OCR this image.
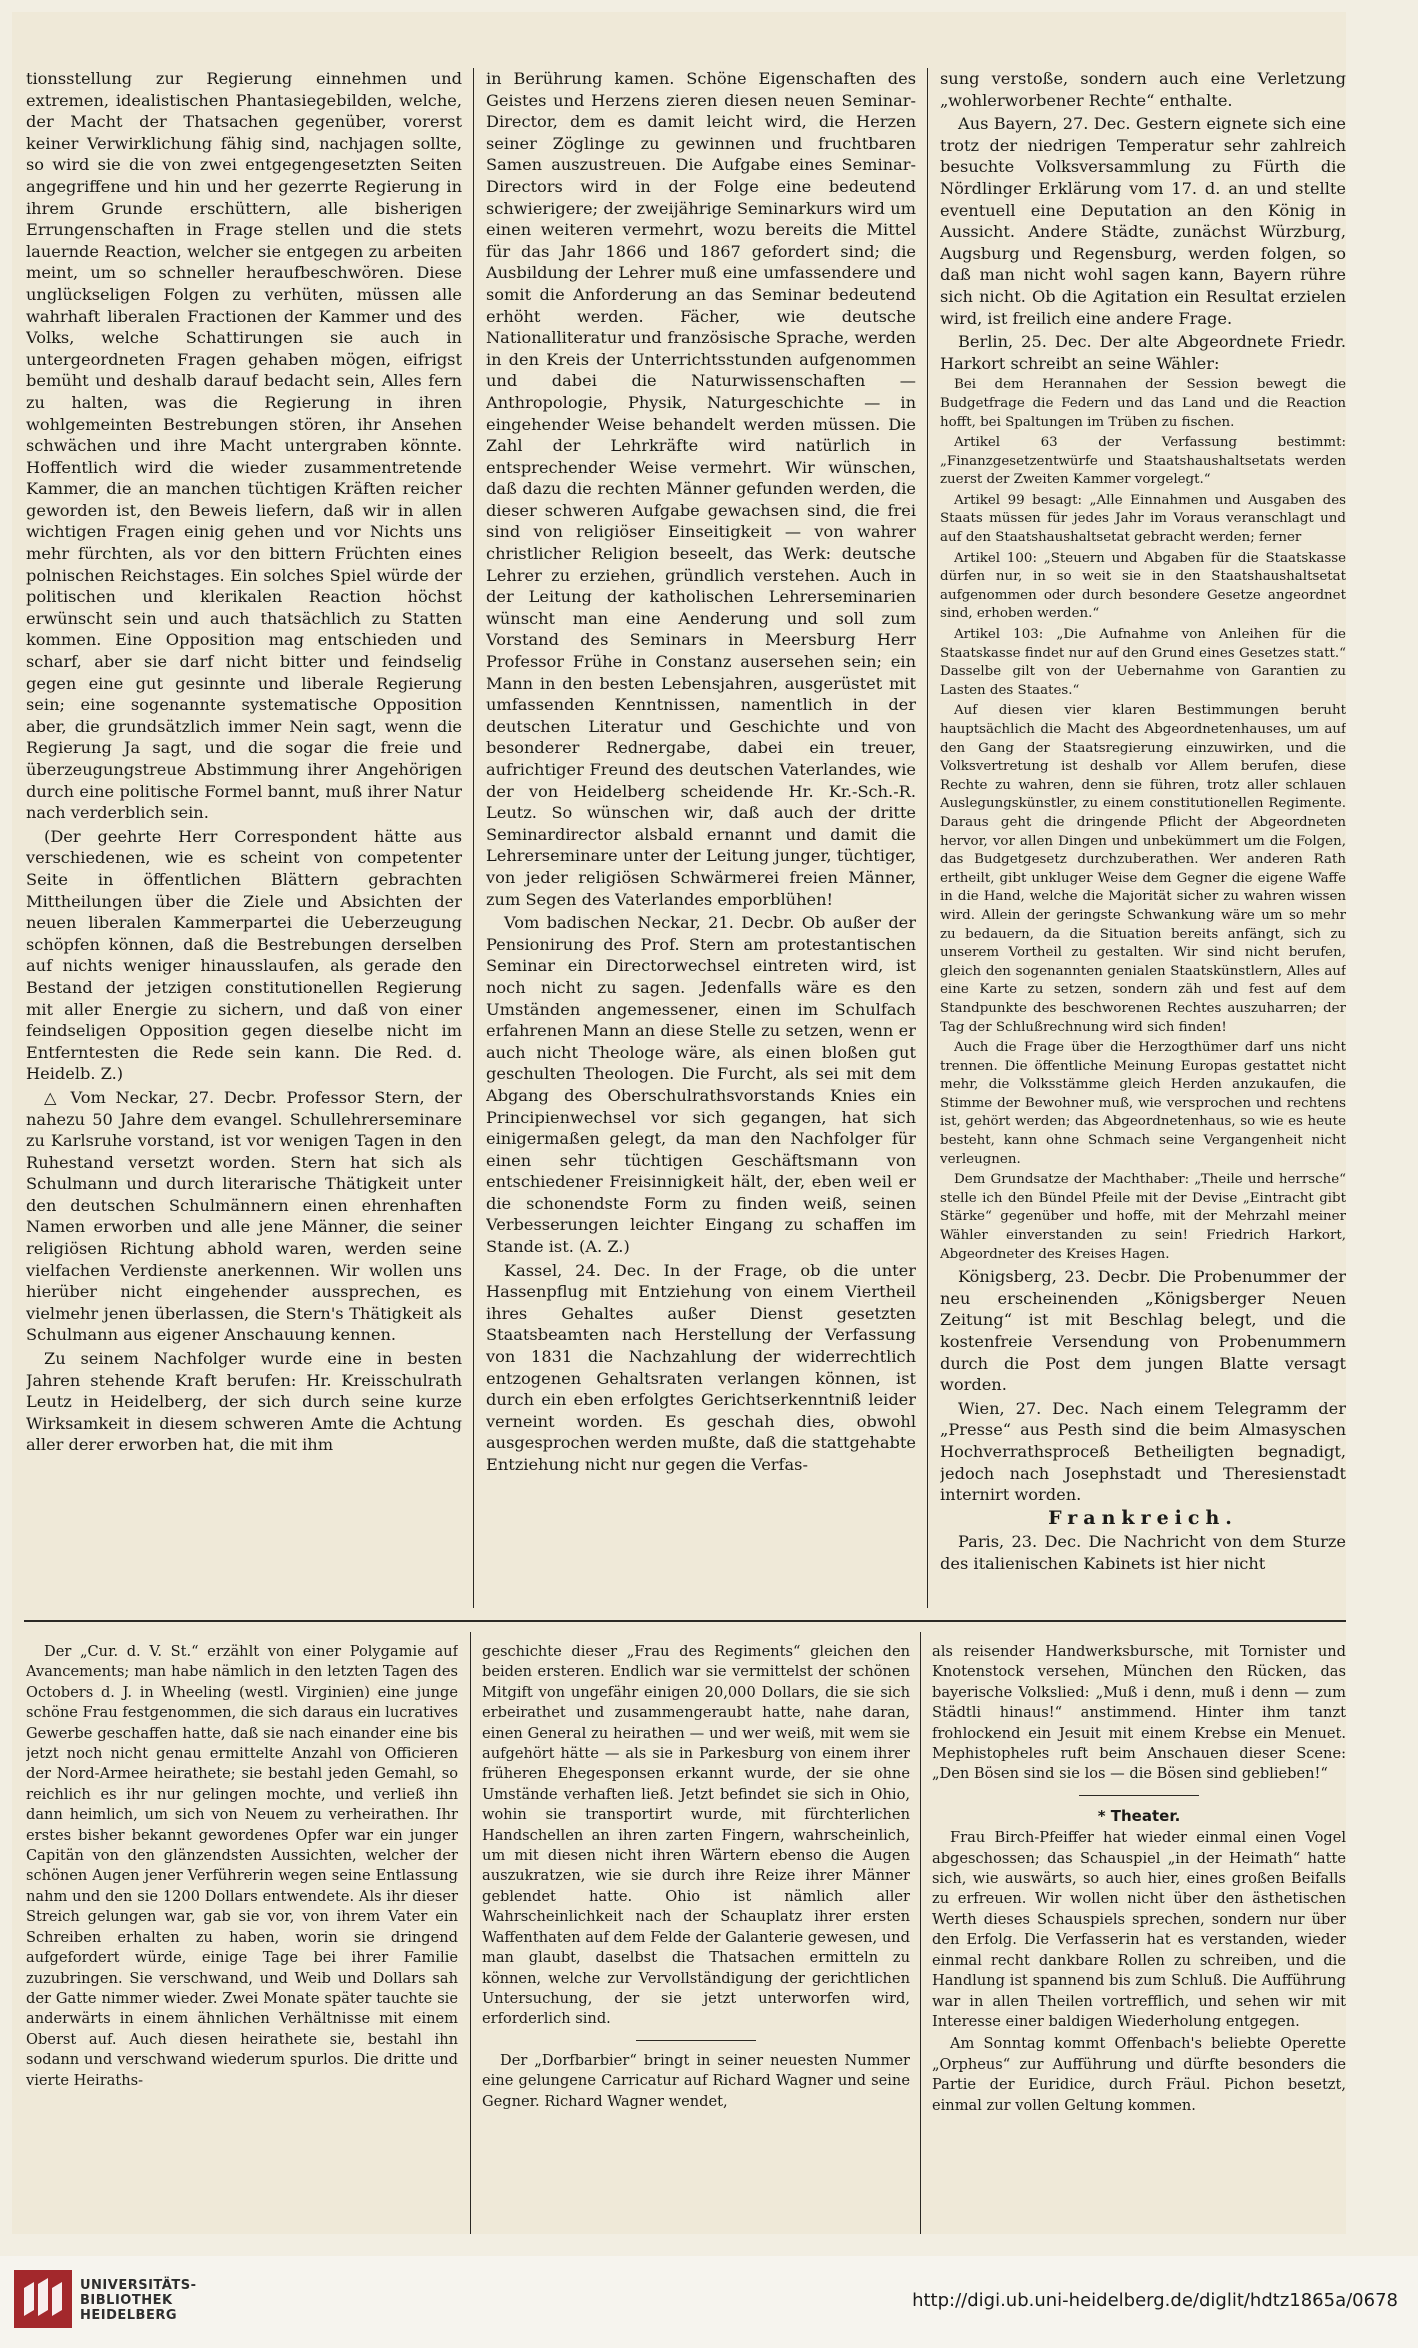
tionsstellung zur Regierung einnehmen und extremen, idealistischen Phantasiegebilden, welche, der Macht der Thatsachen gegenüber, vorerst keiner Verwirklichung fähig sind, nachjagen sollte, so wird sie die von zwei entgegengesetzten Seiten angegriffene und hin und her gezerrte Regierung in ihrem Grunde erschüttern, alle bisherigen Errungenschaften in Frage stellen und die stets lauernde Reaction, welcher sie entgegen zu arbeiten meint, um so schneller heraufbeschwören. Diese unglückseligen Folgen zu verhüten, müssen alle wahrhaft liberalen Fractionen der Kammer und des Volks, welche Schattirungen sie auch in untergeordneten Fragen gehaben mögen, eifrigst bemüht und deshalb darauf bedacht sein, Alles fern zu halten, was die Regierung in ihren wohlgemeinten Bestrebungen stören, ihr Ansehen schwächen und ihre Macht untergraben könnte. Hoffentlich wird die wieder zusammentretende Kammer, die an manchen tüchtigen Kräften reicher geworden ist, den Beweis liefern, daß wir in allen wichtigen Fragen einig gehen und vor Nichts uns mehr fürchten, als vor den bittern Früchten eines polnischen Reichstages. Ein solches Spiel würde der politischen und klerikalen Reaction höchst erwünscht sein und auch thatsächlich zu Statten kommen. Eine Opposition mag entschieden und scharf, aber sie darf nicht bitter und feindselig gegen eine gut gesinnte und liberale Regierung sein; eine sogenannte systematische Opposition aber, die grundsätzlich immer Nein sagt, wenn die Regierung Ja sagt, und die sogar die freie und überzeugungstreue Abstimmung ihrer Angehörigen durch eine politische Formel bannt, muß ihrer Natur nach verderblich sein.

(Der geehrte Herr Correspondent hätte aus verschiedenen, wie es scheint von competenter Seite in öffentlichen Blättern gebrachten Mittheilungen über die Ziele und Absichten der neuen liberalen Kammerpartei die Ueberzeugung schöpfen können, daß die Bestrebungen derselben auf nichts weniger hinausslaufen, als gerade den Bestand der jetzigen constitutionellen Regierung mit aller Energie zu sichern, und daß von einer feindseligen Opposition gegen dieselbe nicht im Entferntesten die Rede sein kann. Die Red. d. Heidelb. Z.)

△ Vom Neckar, 27. Decbr. Professor Stern, der nahezu 50 Jahre dem evangel. Schullehrerseminare zu Karlsruhe vorstand, ist vor wenigen Tagen in den Ruhestand versetzt worden. Stern hat sich als Schulmann und durch literarische Thätigkeit unter den deutschen Schulmännern einen ehrenhaften Namen erworben und alle jene Männer, die seiner religiösen Richtung abhold waren, werden seine vielfachen Verdienste anerkennen. Wir wollen uns hierüber nicht eingehender aussprechen, es vielmehr jenen überlassen, die Stern's Thätigkeit als Schulmann aus eigener Anschauung kennen.

Zu seinem Nachfolger wurde eine in besten Jahren stehende Kraft berufen: Hr. Kreisschulrath Leutz in Heidelberg, der sich durch seine kurze Wirksamkeit in diesem schweren Amte die Achtung aller derer erworben hat, die mit ihm

in Berührung kamen. Schöne Eigenschaften des Geistes und Herzens zieren diesen neuen Seminar-Director, dem es damit leicht wird, die Herzen seiner Zöglinge zu gewinnen und fruchtbaren Samen auszustreuen. Die Aufgabe eines Seminar-Directors wird in der Folge eine bedeutend schwierigere; der zweijährige Seminarkurs wird um einen weiteren vermehrt, wozu bereits die Mittel für das Jahr 1866 und 1867 gefordert sind; die Ausbildung der Lehrer muß eine umfassendere und somit die Anforderung an das Seminar bedeutend erhöht werden. Fächer, wie deutsche Nationalliteratur und französische Sprache, werden in den Kreis der Unterrichtsstunden aufgenommen und dabei die Naturwissenschaften — Anthropologie, Physik, Naturgeschichte — in eingehender Weise behandelt werden müssen. Die Zahl der Lehrkräfte wird natürlich in entsprechender Weise vermehrt. Wir wünschen, daß dazu die rechten Männer gefunden werden, die dieser schweren Aufgabe gewachsen sind, die frei sind von religiöser Einseitigkeit — von wahrer christlicher Religion beseelt, das Werk: deutsche Lehrer zu erziehen, gründlich verstehen. Auch in der Leitung der katholischen Lehrerseminarien wünscht man eine Aenderung und soll zum Vorstand des Seminars in Meersburg Herr Professor Frühe in Constanz ausersehen sein; ein Mann in den besten Lebensjahren, ausgerüstet mit umfassenden Kenntnissen, namentlich in der deutschen Literatur und Geschichte und von besonderer Rednergabe, dabei ein treuer, aufrichtiger Freund des deutschen Vaterlandes, wie der von Heidelberg scheidende Hr. Kr.-Sch.-R. Leutz. So wünschen wir, daß auch der dritte Seminardirector alsbald ernannt und damit die Lehrerseminare unter der Leitung junger, tüchtiger, von jeder religiösen Schwärmerei freien Männer, zum Segen des Vaterlandes emporblühen!

Vom badischen Neckar, 21. Decbr. Ob außer der Pensionirung des Prof. Stern am protestantischen Seminar ein Directorwechsel eintreten wird, ist noch nicht zu sagen. Jedenfalls wäre es den Umständen angemessener, einen im Schulfach erfahrenen Mann an diese Stelle zu setzen, wenn er auch nicht Theologe wäre, als einen bloßen gut geschulten Theologen. Die Furcht, als sei mit dem Abgang des Oberschulrathsvorstands Knies ein Principienwechsel vor sich gegangen, hat sich einigermaßen gelegt, da man den Nachfolger für einen sehr tüchtigen Geschäftsmann von entschiedener Freisinnigkeit hält, der, eben weil er die schonendste Form zu finden weiß, seinen Verbesserungen leichter Eingang zu schaffen im Stande ist. (A. Z.)

Kassel, 24. Dec. In der Frage, ob die unter Hassenpflug mit Entziehung von einem Viertheil ihres Gehaltes außer Dienst gesetzten Staatsbeamten nach Herstellung der Verfassung von 1831 die Nachzahlung der widerrechtlich entzogenen Gehaltsraten verlangen können, ist durch ein eben erfolgtes Gerichtserkenntniß leider verneint worden. Es geschah dies, obwohl ausgesprochen werden mußte, daß die stattgehabte Entziehung nicht nur gegen die Verfas-

sung verstoße, sondern auch eine Verletzung „wohlerworbener Rechte“ enthalte.

Aus Bayern, 27. Dec. Gestern eignete sich eine trotz der niedrigen Temperatur sehr zahlreich besuchte Volksversammlung zu Fürth die Nördlinger Erklärung vom 17. d. an und stellte eventuell eine Deputation an den König in Aussicht. Andere Städte, zunächst Würzburg, Augsburg und Regensburg, werden folgen, so daß man nicht wohl sagen kann, Bayern rühre sich nicht. Ob die Agitation ein Resultat erzielen wird, ist freilich eine andere Frage.

Berlin, 25. Dec. Der alte Abgeordnete Friedr. Harkort schreibt an seine Wähler:

Bei dem Herannahen der Session bewegt die Budgetfrage die Federn und das Land und die Reaction hofft, bei Spaltungen im Trüben zu fischen.

Artikel 63 der Verfassung bestimmt: „Finanzgesetzentwürfe und Staatshaushaltsetats werden zuerst der Zweiten Kammer vorgelegt.“

Artikel 99 besagt: „Alle Einnahmen und Ausgaben des Staats müssen für jedes Jahr im Voraus veranschlagt und auf den Staatshaushaltsetat gebracht werden; ferner

Artikel 100: „Steuern und Abgaben für die Staatskasse dürfen nur, in so weit sie in den Staatshaushaltsetat aufgenommen oder durch besondere Gesetze angeordnet sind, erhoben werden.“

Artikel 103: „Die Aufnahme von Anleihen für die Staatskasse findet nur auf den Grund eines Gesetzes statt.“ Dasselbe gilt von der Uebernahme von Garantien zu Lasten des Staates.“

Auf diesen vier klaren Bestimmungen beruht hauptsächlich die Macht des Abgeordnetenhauses, um auf den Gang der Staatsregierung einzuwirken, und die Volksvertretung ist deshalb vor Allem berufen, diese Rechte zu wahren, denn sie führen, trotz aller schlauen Auslegungskünstler, zu einem constitutionellen Regimente. Daraus geht die dringende Pflicht der Abgeordneten hervor, vor allen Dingen und unbekümmert um die Folgen, das Budgetgesetz durchzuberathen. Wer anderen Rath ertheilt, gibt unkluger Weise dem Gegner die eigene Waffe in die Hand, welche die Majorität sicher zu wahren wissen wird. Allein der geringste Schwankung wäre um so mehr zu bedauern, da die Situation bereits anfängt, sich zu unserem Vortheil zu gestalten. Wir sind nicht berufen, gleich den sogenannten genialen Staatskünstlern, Alles auf eine Karte zu setzen, sondern zäh und fest auf dem Standpunkte des beschworenen Rechtes auszuharren; der Tag der Schlußrechnung wird sich finden!

Auch die Frage über die Herzogthümer darf uns nicht trennen. Die öffentliche Meinung Europas gestattet nicht mehr, die Volksstämme gleich Herden anzukaufen, die Stimme der Bewohner muß, wie versprochen und rechtens ist, gehört werden; das Abgeordnetenhaus, so wie es heute besteht, kann ohne Schmach seine Vergangenheit nicht verleugnen.

Dem Grundsatze der Machthaber: „Theile und herrsche“ stelle ich den Bündel Pfeile mit der Devise „Eintracht gibt Stärke“ gegenüber und hoffe, mit der Mehrzahl meiner Wähler einverstanden zu sein! Friedrich Harkort, Abgeordneter des Kreises Hagen.

Königsberg, 23. Decbr. Die Probenummer der neu erscheinenden „Königsberger Neuen Zeitung“ ist mit Beschlag belegt, und die kostenfreie Versendung von Probenummern durch die Post dem jungen Blatte versagt worden.

Wien, 27. Dec. Nach einem Telegramm der „Presse“ aus Pesth sind die beim Almasyschen Hochverrathsproceß Betheiligten begnadigt, jedoch nach Josephstadt und Theresienstadt internirt worden.

Frankreich.

Paris, 23. Dec. Die Nachricht von dem Sturze des italienischen Kabinets ist hier nicht

Der „Cur. d. V. St.“ erzählt von einer Polygamie auf Avancements; man habe nämlich in den letzten Tagen des Octobers d. J. in Wheeling (westl. Virginien) eine junge schöne Frau festgenommen, die sich daraus ein lucratives Gewerbe geschaffen hatte, daß sie nach einander eine bis jetzt noch nicht genau ermittelte Anzahl von Officieren der Nord-Armee heirathete; sie bestahl jeden Gemahl, so reichlich es ihr nur gelingen mochte, und verließ ihn dann heimlich, um sich von Neuem zu verheirathen. Ihr erstes bisher bekannt gewordenes Opfer war ein junger Capitän von den glänzendsten Aussichten, welcher der schönen Augen jener Verführerin wegen seine Entlassung nahm und den sie 1200 Dollars entwendete. Als ihr dieser Streich gelungen war, gab sie vor, von ihrem Vater ein Schreiben erhalten zu haben, worin sie dringend aufgefordert würde, einige Tage bei ihrer Familie zuzubringen. Sie verschwand, und Weib und Dollars sah der Gatte nimmer wieder. Zwei Monate später tauchte sie anderwärts in einem ähnlichen Verhältnisse mit einem Oberst auf. Auch diesen heirathete sie, bestahl ihn sodann und verschwand wiederum spurlos. Die dritte und vierte Heiraths-

geschichte dieser „Frau des Regiments“ gleichen den beiden ersteren. Endlich war sie vermittelst der schönen Mitgift von ungefähr einigen 20,000 Dollars, die sie sich erbeirathet und zusammengeraubt hatte, nahe daran, einen General zu heirathen — und wer weiß, mit wem sie aufgehört hätte — als sie in Parkesburg von einem ihrer früheren Ehegesponsen erkannt wurde, der sie ohne Umstände verhaften ließ. Jetzt befindet sie sich in Ohio, wohin sie transportirt wurde, mit fürchterlichen Handschellen an ihren zarten Fingern, wahrscheinlich, um mit diesen nicht ihren Wärtern ebenso die Augen auszukratzen, wie sie durch ihre Reize ihrer Männer geblendet hatte. Ohio ist nämlich aller Wahrscheinlichkeit nach der Schauplatz ihrer ersten Waffenthaten auf dem Felde der Galanterie gewesen, und man glaubt, daselbst die Thatsachen ermitteln zu können, welche zur Vervollständigung der gerichtlichen Untersuchung, der sie jetzt unterworfen wird, erforderlich sind.

Der „Dorfbarbier“ bringt in seiner neuesten Nummer eine gelungene Carricatur auf Richard Wagner und seine Gegner. Richard Wagner wendet,

als reisender Handwerksbursche, mit Tornister und Knotenstock versehen, München den Rücken, das bayerische Volkslied: „Muß i denn, muß i denn — zum Städtli hinaus!“ anstimmend. Hinter ihm tanzt frohlockend ein Jesuit mit einem Krebse ein Menuet. Mephistopheles ruft beim Anschauen dieser Scene: „Den Bösen sind sie los — die Bösen sind geblieben!“

* Theater.

Frau Birch-Pfeiffer hat wieder einmal einen Vogel abgeschossen; das Schauspiel „in der Heimath“ hatte sich, wie auswärts, so auch hier, eines großen Beifalls zu erfreuen. Wir wollen nicht über den ästhetischen Werth dieses Schauspiels sprechen, sondern nur über den Erfolg. Die Verfasserin hat es verstanden, wieder einmal recht dankbare Rollen zu schreiben, und die Handlung ist spannend bis zum Schluß. Die Aufführung war in allen Theilen vortrefflich, und sehen wir mit Interesse einer baldigen Wiederholung entgegen.

Am Sonntag kommt Offenbach's beliebte Operette „Orpheus“ zur Aufführung und dürfte besonders die Partie der Euridice, durch Fräul. Pichon besetzt, einmal zur vollen Geltung kommen.

UNIVERSITÄTS-
BIBLIOTHEK
HEIDELBERG
http://digi.ub.uni-heidelberg.de/diglit/hdtz1865a/0678
